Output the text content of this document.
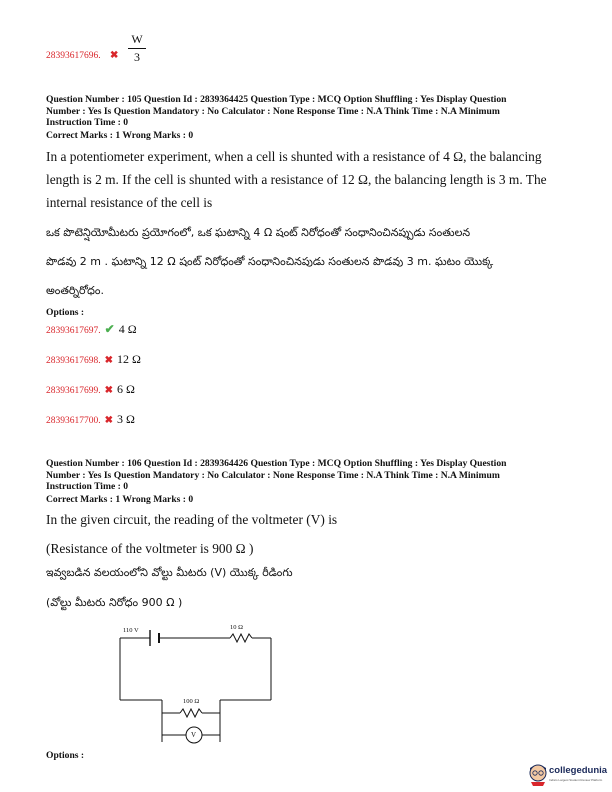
28393617696. ✖
W
3
Question Number : 105 Question Id : 2839364425 Question Type : MCQ Option Shuffling : Yes Display Question
Number : Yes Is Question Mandatory : No Calculator : None Response Time : N.A Think Time : N.A Minimum
Instruction Time : 0
Correct Marks : 1 Wrong Marks : 0
In a potentiometer experiment, when a cell is shunted with a resistance of 4 Ω, the balancing
length is 2 m. If the cell is shunted with a resistance of 12 Ω, the balancing length is 3 m. The
internal resistance of the cell is
ఒక పొటెన్షియోమీటరు ప్రయోగంలో, ఒక ఘటాన్ని 4 Ω షంట్ నిరోధంతో సంధానించినప్పుడు సంతులన
పొడవు 2 m . ఘటాన్ని 12 Ω షంట్ నిరోధంతో సంధానించినపుడు సంతులన పొడవు 3 m. ఘటం యొక్క
అంతర్నిరోధం.
Options :
28393617697. ✔ 4 Ω
28393617698. ✖ 12 Ω
28393617699. ✖ 6 Ω
28393617700. ✖ 3 Ω
Question Number : 106 Question Id : 2839364426 Question Type : MCQ Option Shuffling : Yes Display Question
Number : Yes Is Question Mandatory : No Calculator : None Response Time : N.A Think Time : N.A Minimum
Instruction Time : 0
Correct Marks : 1 Wrong Marks : 0
In the given circuit, the reading of the voltmeter (V) is
(Resistance of the voltmeter is 900 Ω )
ఇవ్వబడిన వలయంలోని వోల్టు మీటరు (V) యొక్క రీడింగు
(వోల్టు మీటరు నిరోధం 900 Ω )
110 V	10 Ω
100 Ω
V
Options :
collegedunia
India's Largest Student Review Platform
